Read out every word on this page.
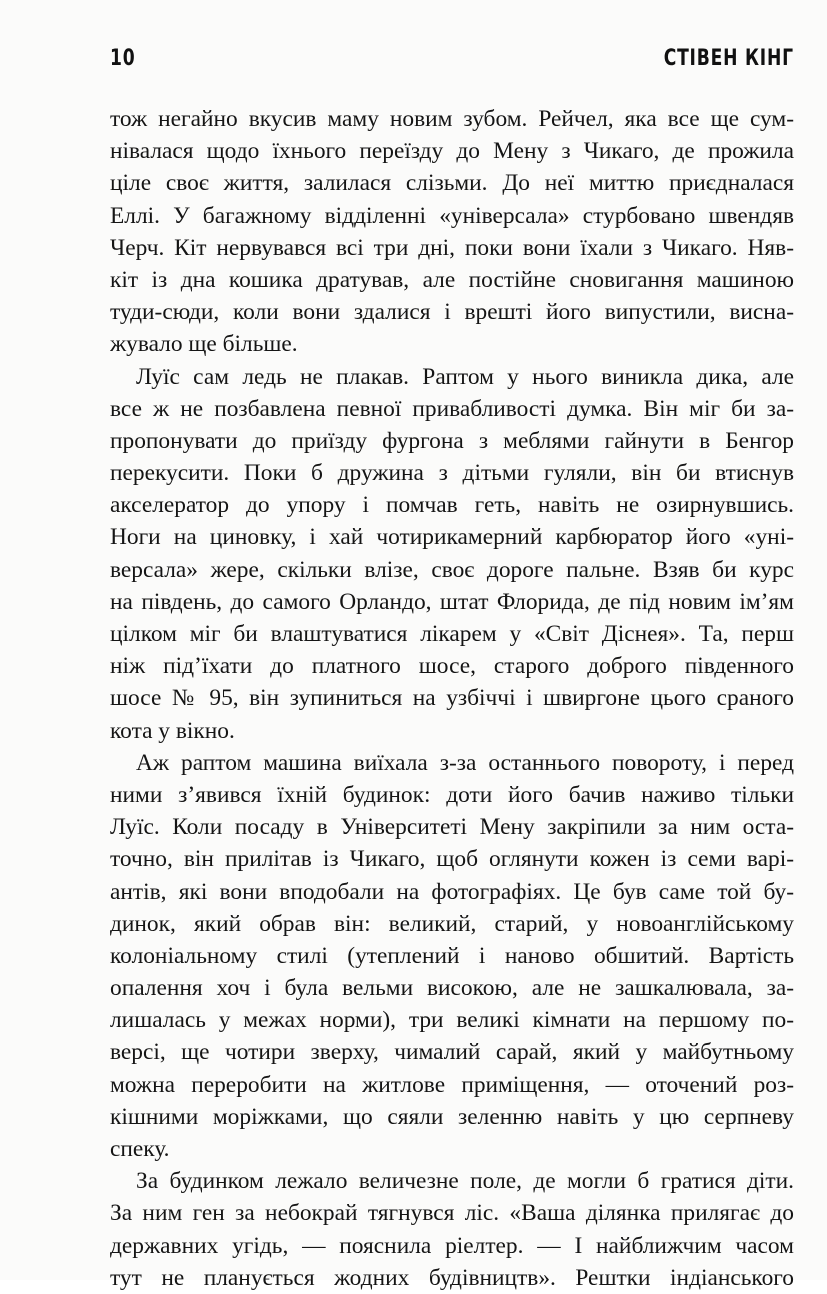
10	СТІВЕН КІНГ
тож негайно вкусив маму новим зубом. Рейчел, яка все ще сум-
нівалася щодо їхнього переїзду до Мену з Чикаго, де прожила
ціле своє життя, залилася слізьми. До неї миттю приєдналася
Еллі. У багажному відділенні «універсала» стурбовано швендяв
Черч. Кіт нервувався всі три дні, поки вони їхали з Чикаго. Няв-
кіт із дна кошика дратував, але постійне сновигання машиною
туди-сюди, коли вони здалися і врешті його випустили, висна-
жувало ще більше.
Луїс сам ледь не плакав. Раптом у нього виникла дика, але
все ж не позбавлена певної привабливості думка. Він міг би за-
пропонувати до приїзду фургона з меблями гайнути в Бенгор
перекусити. Поки б дружина з дітьми гуляли, він би втиснув
акселератор до упору і помчав геть, навіть не озирнувшись.
Ноги на циновку, і хай чотирикамерний карбюратор його «уні-
версала» жере, скільки влізе, своє дороге пальне. Взяв би курс
на південь, до самого Орландо, штат Флорида, де під новим ім’ям
цілком міг би влаштуватися лікарем у «Світ Діснея». Та, перш
ніж під’їхати до платного шосе, старого доброго південного
шосе № 95, він зупиниться на узбіччі і швиргоне цього сраного
кота у вікно.
Аж раптом машина виїхала з-за останнього повороту, і перед
ними з’явився їхній будинок: доти його бачив наживо тільки
Луїс. Коли посаду в Університеті Мену закріпили за ним оста-
точно, він прилітав із Чикаго, щоб оглянути кожен із семи варі-
антів, які вони вподобали на фотографіях. Це був саме той бу-
динок, який обрав він: великий, старий, у новоанглійському
колоніальному стилі (утеплений і наново обшитий. Вартість
опалення хоч і була вельми високою, але не зашкалювала, за-
лишалась у межах норми), три великі кімнати на першому по-
версі, ще чотири зверху, чималий сарай, який у майбутньому
можна переробити на житлове приміщення, — оточений роз-
кішними моріжками, що сяяли зеленню навіть у цю серпневу
спеку.
За будинком лежало величезне поле, де могли б гратися діти.
За ним ген за небокрай тягнувся ліс. «Ваша ділянка прилягає до
державних угідь, — пояснила ріелтер. — І найближчим часом
тут не планується жодних будівництв». Рештки індіанського
